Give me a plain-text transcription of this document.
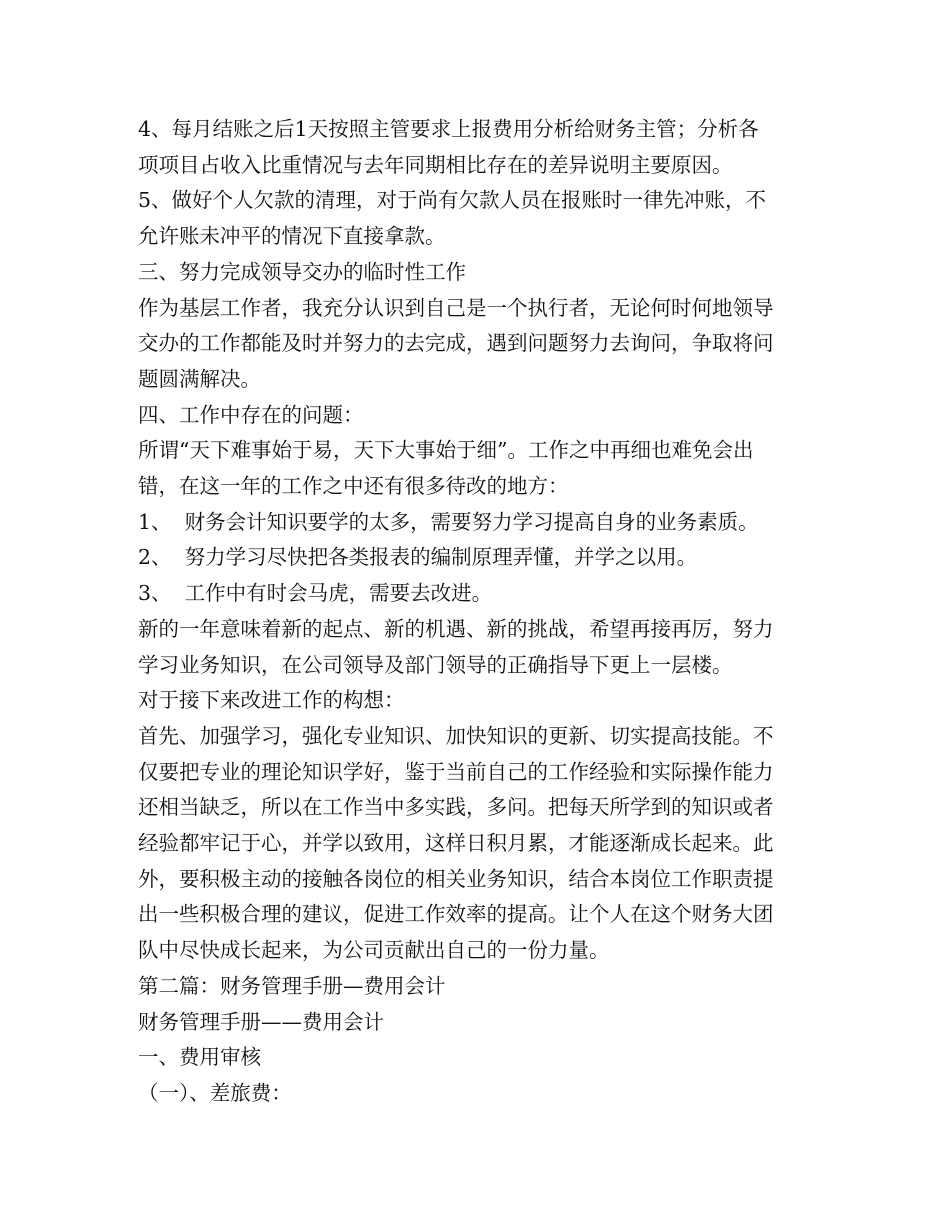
4、每月结账之后1天按照主管要求上报费用分析给财务主管；分析各
项项目占收入比重情况与去年同期相比存在的差异说明主要原因。
5、做好个人欠款的清理，对于尚有欠款人员在报账时一律先冲账，不
允许账未冲平的情况下直接拿款。
三、努力完成领导交办的临时性工作
作为基层工作者，我充分认识到自己是一个执行者，无论何时何地领导
交办的工作都能及时并努力的去完成，遇到问题努力去询问，争取将问
题圆满解决。
四、工作中存在的问题：
所谓“天下难事始于易，天下大事始于细”。工作之中再细也难免会出
错，在这一年的工作之中还有很多待改的地方：
1、  财务会计知识要学的太多，需要努力学习提高自身的业务素质。
2、  努力学习尽快把各类报表的编制原理弄懂，并学之以用。
3、  工作中有时会马虎，需要去改进。
新的一年意味着新的起点、新的机遇、新的挑战，希望再接再厉，努力
学习业务知识，在公司领导及部门领导的正确指导下更上一层楼。
对于接下来改进工作的构想：
首先、加强学习，强化专业知识、加快知识的更新、切实提高技能。不
仅要把专业的理论知识学好，鉴于当前自己的工作经验和实际操作能力
还相当缺乏，所以在工作当中多实践，多问。把每天所学到的知识或者
经验都牢记于心，并学以致用，这样日积月累，才能逐渐成长起来。此
外，要积极主动的接触各岗位的相关业务知识，结合本岗位工作职责提
出一些积极合理的建议，促进工作效率的提高。让个人在这个财务大团
队中尽快成长起来，为公司贡献出自己的一份力量。
第二篇：财务管理手册—费用会计
财务管理手册——费用会计
一、费用审核
（一）、差旅费：
